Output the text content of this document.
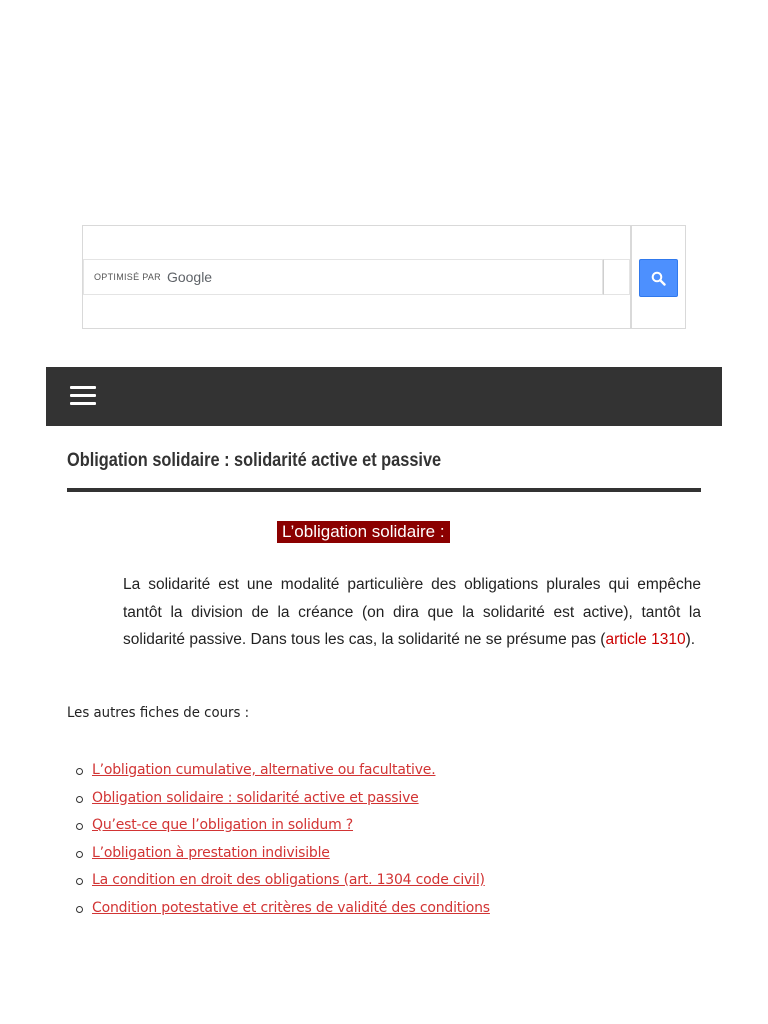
OPTIMISÉ PAR Google
Obligation solidaire : solidarité active et passive
L’obligation solidaire :

La solidarité est une modalité particulière des obligations plurales qui empêche tantôt la division de la créance (on dira que la solidarité est active), tantôt la solidarité passive. Dans tous les cas, la solidarité ne se présume pas (article 1310).

Les autres fiches de cours :

L’obligation cumulative, alternative ou facultative.
Obligation solidaire : solidarité active et passive
Qu’est-ce que l’obligation in solidum ?
L’obligation à prestation indivisible
La condition en droit des obligations (art. 1304 code civil)
Condition potestative et critères de validité des conditions
